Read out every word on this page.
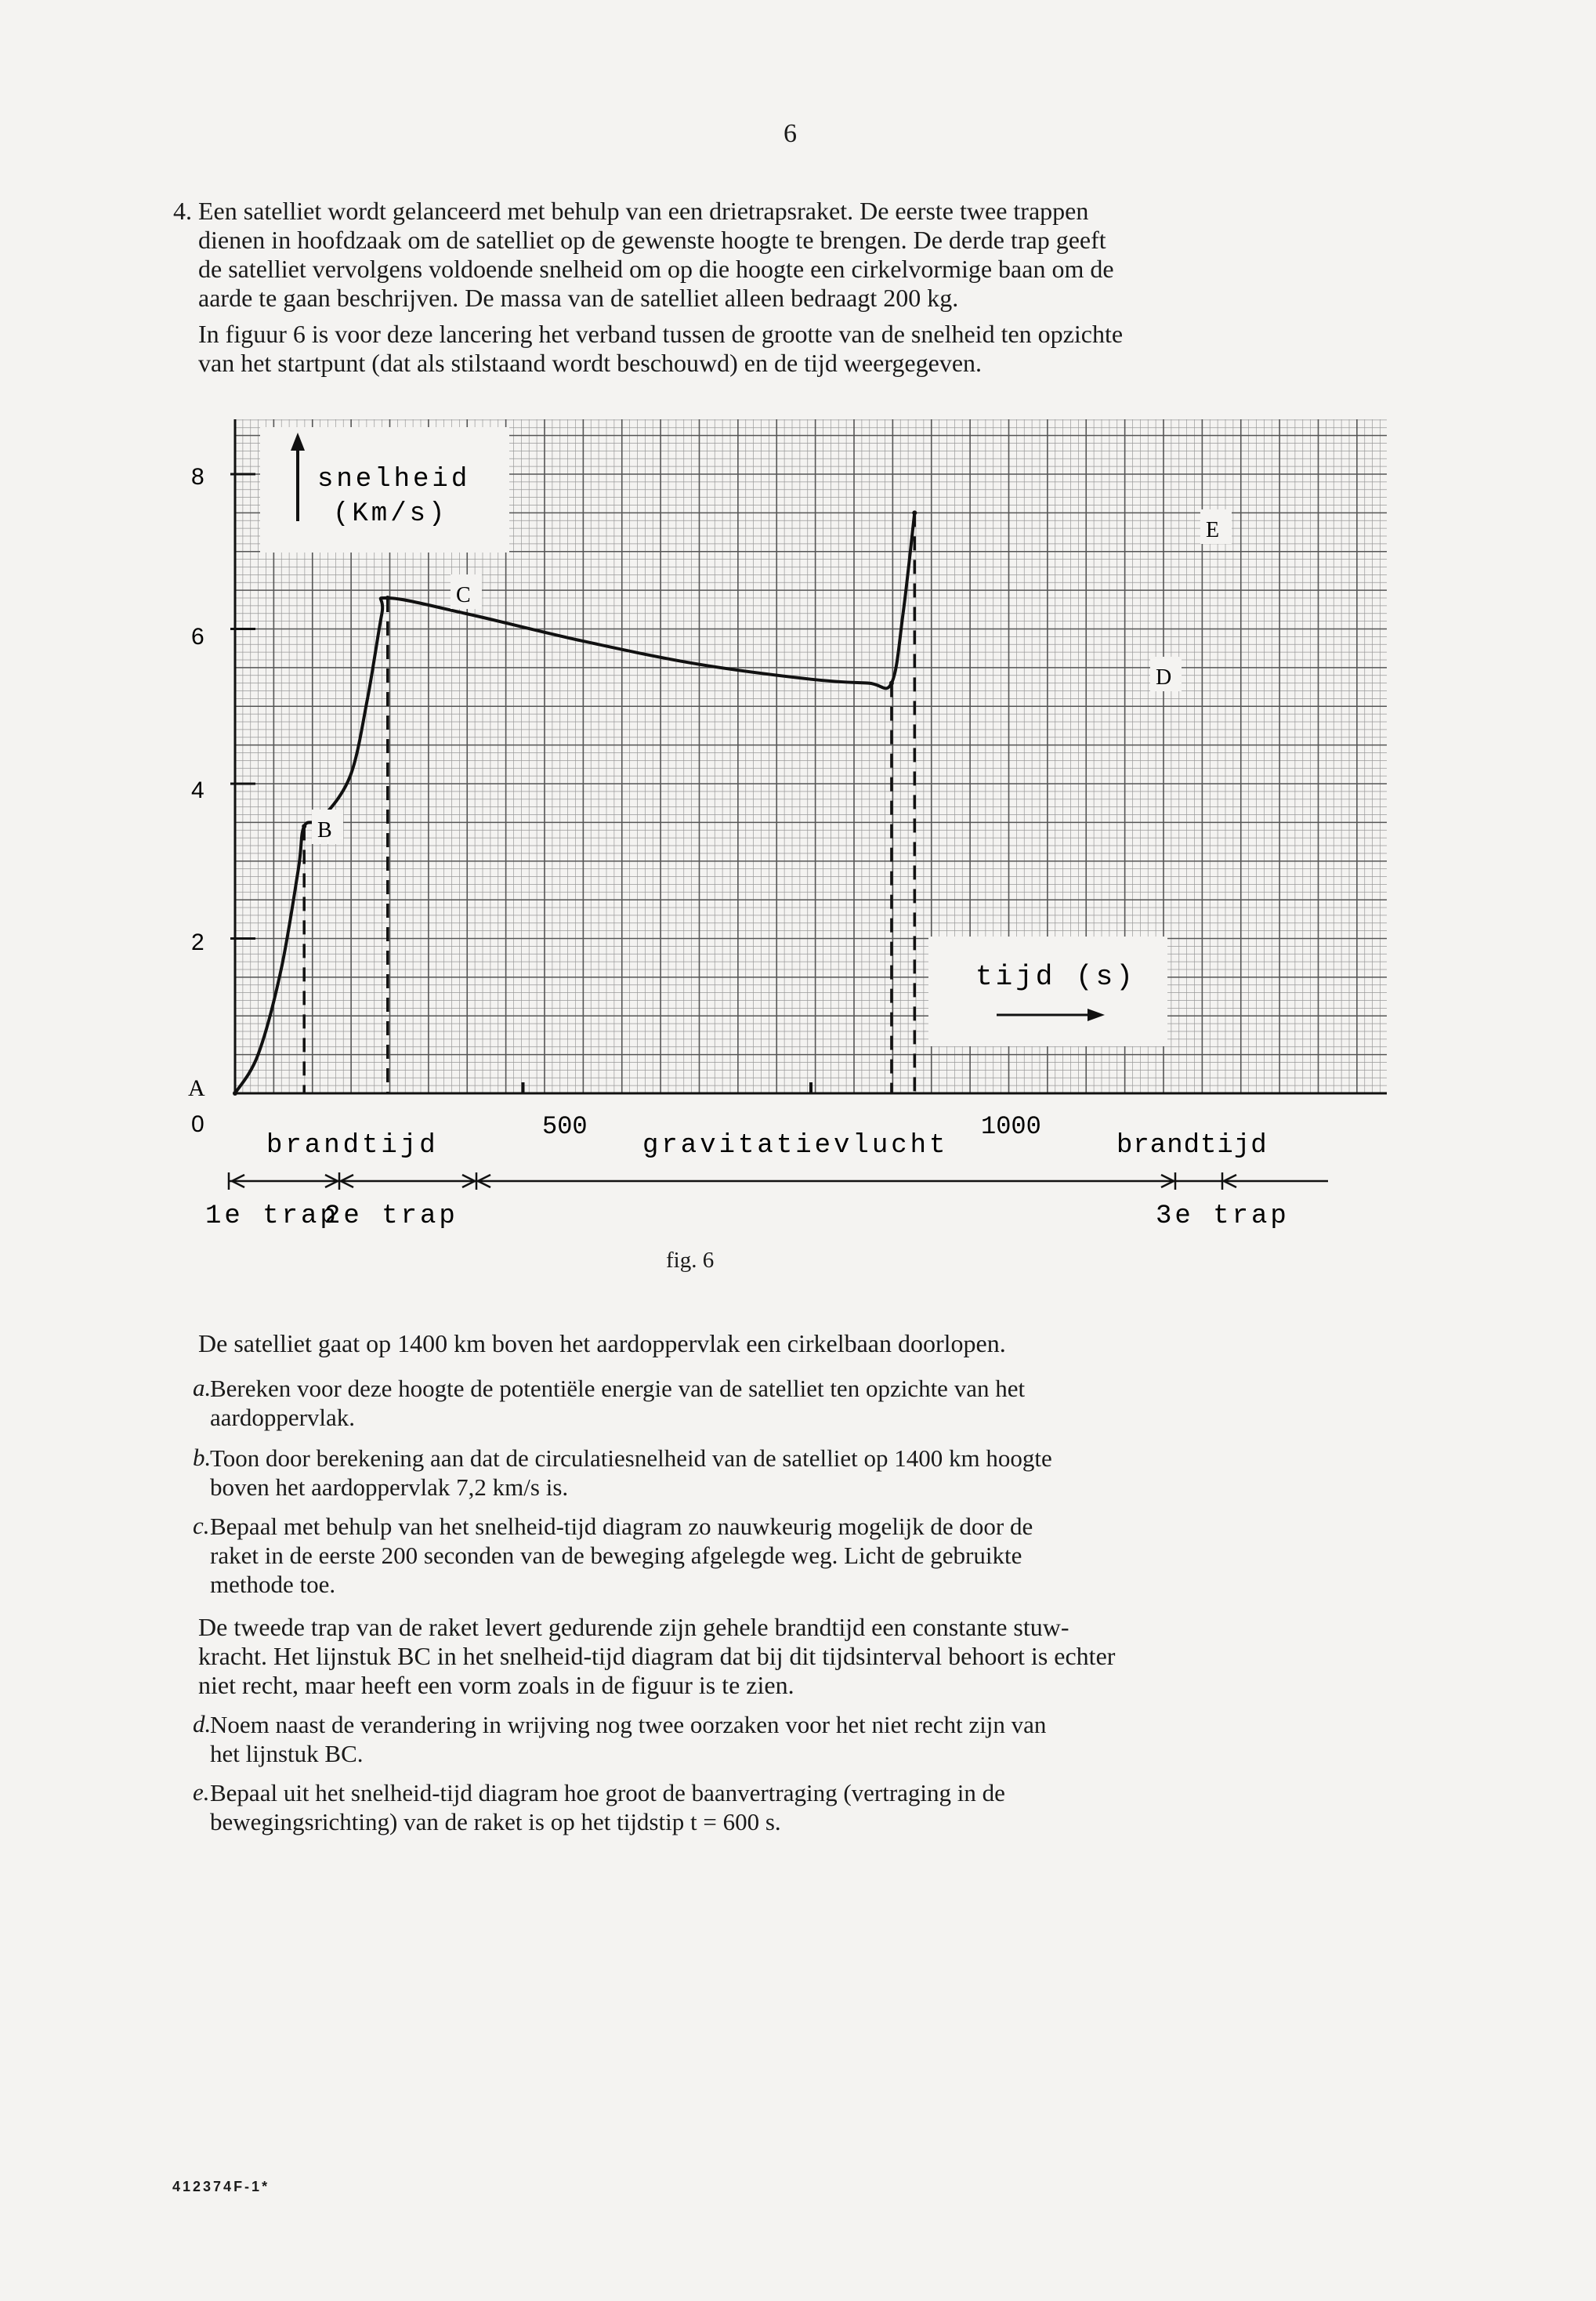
6
4. Een satelliet wordt gelanceerd met behulp van een drietrapsraket. De eerste twee trappen
dienen in hoofdzaak om de satelliet op de gewenste hoogte te brengen. De derde trap geeft
de satelliet vervolgens voldoende snelheid om op die hoogte een cirkelvormige baan om de
aarde te gaan beschrijven. De massa van de satelliet alleen bedraagt 200 kg.
In figuur 6 is voor deze lancering het verband tussen de grootte van de snelheid ten opzichte
van het startpunt (dat als stilstaand wordt beschouwd) en de tijd weergegeven.
snelheid
(Km/s)
tijd (s)
B
C
D
E
8
6
4
2
A
0	500	1000
brandtijd	gravitatievlucht	brandtijd
1e trap
2e trap	3e trap
fig. 6
De satelliet gaat op 1400 km boven het aardoppervlak een cirkelbaan doorlopen.
a.
Bereken voor deze hoogte de potentiële energie van de satelliet ten opzichte van het
aardoppervlak.
b.
Toon door berekening aan dat de circulatiesnelheid van de satelliet op 1400 km hoogte
boven het aardoppervlak 7,2 km/s is.
c. Bepaal met behulp van het snelheid-tijd diagram zo nauwkeurig mogelijk de door de
raket in de eerste 200 seconden van de beweging afgelegde weg. Licht de gebruikte
methode toe.
De tweede trap van de raket levert gedurende zijn gehele brandtijd een constante stuw-
kracht. Het lijnstuk BC in het snelheid-tijd diagram dat bij dit tijdsinterval behoort is echter
niet recht, maar heeft een vorm zoals in de figuur is te zien.
d.
Noem naast de verandering in wrijving nog twee oorzaken voor het niet recht zijn van
het lijnstuk BC.
e. Bepaal uit het snelheid-tijd diagram hoe groot de baanvertraging (vertraging in de
bewegingsrichting) van de raket is op het tijdstip t = 600 s.
412374F-1*
